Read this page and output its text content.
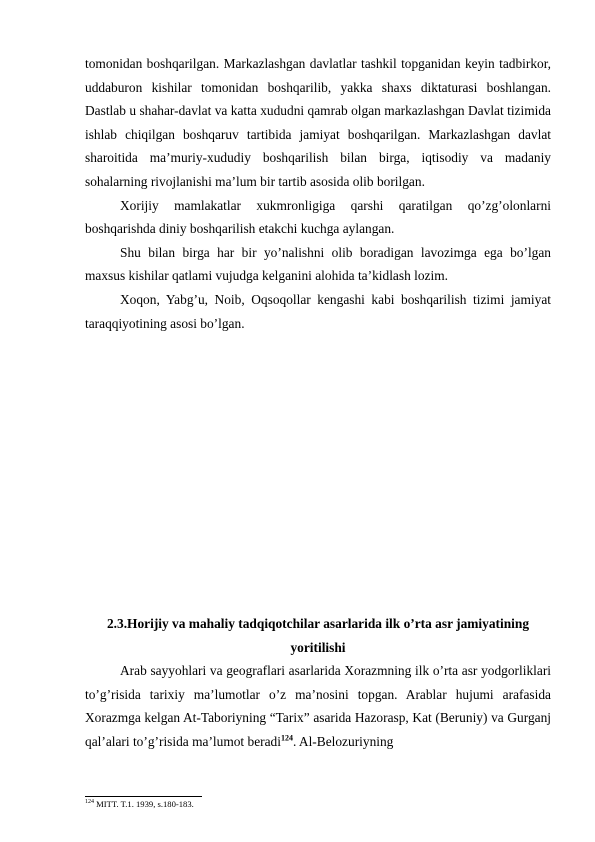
tomonidan boshqarilgan. Markazlashgan davlatlar tashkil topganidan keyin tadbirkor, uddaburon kishilar tomonidan boshqarilib, yakka shaxs diktaturasi boshlangan. Dastlab u shahar-davlat va katta xududni qamrab olgan markazlashgan Davlat tizimida ishlab chiqilgan boshqaruv tartibida jamiyat boshqarilgan. Markazlashgan davlat sharoitida ma’muriy-xududiy boshqarilish bilan birga, iqtisodiy va madaniy sohalarning rivojlanishi ma’lum bir tartib asosida olib borilgan.

Xorijiy mamlakatlar xukmronligiga qarshi qaratilgan qo’zg’olonlarni boshqarishda diniy boshqarilish etakchi kuchga aylangan.

Shu bilan birga har bir yo’nalishni olib boradigan lavozimga ega bo’lgan maxsus kishilar qatlami vujudga kelganini alohida ta’kidlash lozim.

Xoqon, Yabg’u, Noib, Oqsoqollar kengashi kabi boshqarilish tizimi jamiyat taraqqiyotining asosi bo’lgan.

2.3.Horijiy va mahaliy tadqiqotchilar asarlarida ilk o’rta asr jamiyatining
yoritilishi

Arab sayyohlari va geograflari asarlarida Xorazmning ilk o’rta asr yodgorliklari to’g’risida tarixiy ma’lumotlar o’z ma’nosini topgan. Arablar hujumi arafasida Xorazmga kelgan At-Taboriyning “Tarix” asarida Hazorasp, Kat (Beruniy) va Gurganj qal’alari to’g’risida ma’lumot beradi$^{124}$. Al-Belozuriyning

$^{124}$ MITT. T.1. 1939, s.180-183.
